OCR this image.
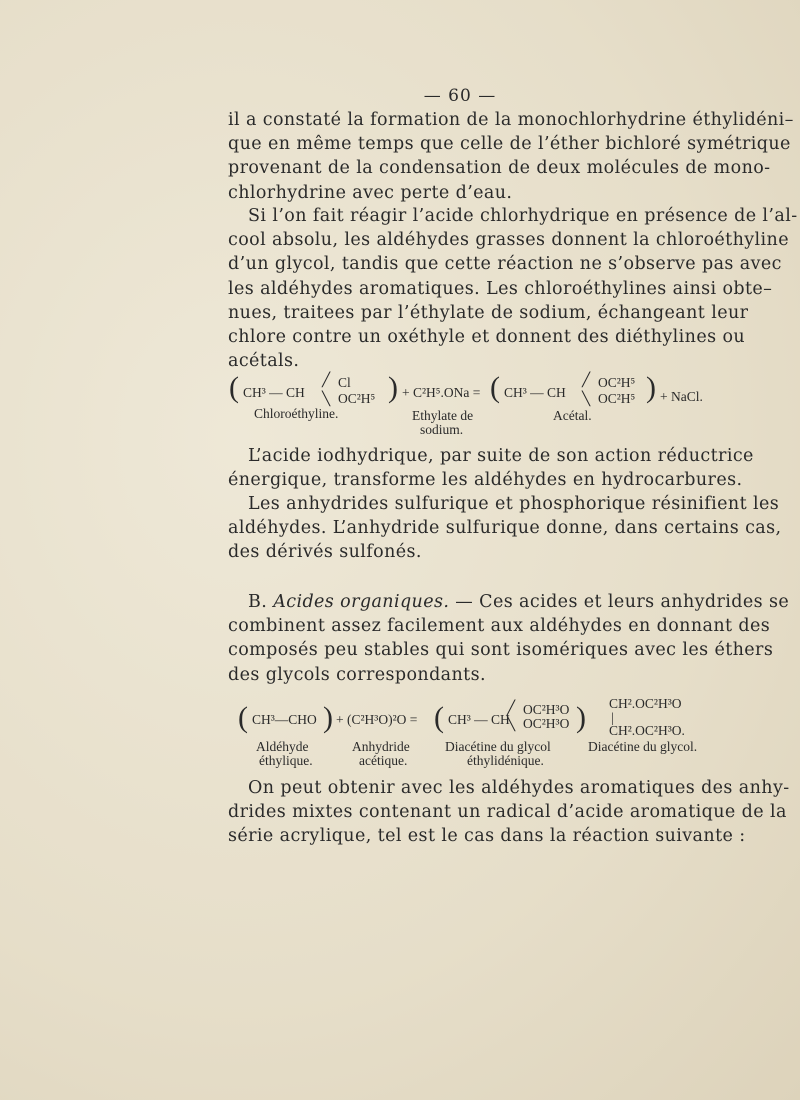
— 60 —
il a constaté la formation de la monochlorhydrine éthylidéni–
que en même temps que celle de l’éther bichloré symétrique
provenant de la condensation de deux molécules de mono-
chlorhydrine avec perte d’eau.
Si l’on fait réagir l’acide chlorhydrique en présence de l’al-
cool absolu, les aldéhydes grasses donnent la chloroéthyline
d’un glycol, tandis que cette réaction ne s’observe pas avec
les aldéhydes aromatiques. Les chloroéthylines ainsi obte–
nues, traitees par l’éthylate de sodium, échangeant leur
chlore contre un oxéthyle et donnent des diéthylines ou
acétals.
( CH³ — CH
╱ Cl
╲ OC²H⁵ ) + C²H⁵.ONa = ( CH³ — CH
╱ OC²H⁵
╲ OC²H⁵ ) + NaCl.
Chloroéthyline.	Ethylate de
sodium.
Acétal.
L’acide iodhydrique, par suite de son action réductrice
énergique, transforme les aldéhydes en hydrocarbures.
Les anhydrides sulfurique et phosphorique résinifient les
aldéhydes. L’anhydride sulfurique donne, dans certains cas,
des dérivés sulfonés.
B. Acides organiques. — Ces acides et leurs anhydrides se
combinent assez facilement aux aldéhydes en donnant des
composés peu stables qui sont isomériques avec les éthers
des glycols correspondants.
( CH³—CHO ) + (C²H³O)²O = ( CH³ — CH
╱ OC²H³O
╲ OC²H³O ) CH².OC²H³O
|
CH².OC²H³O.
Aldéhyde
éthylique.
Anhydride
acétique.
Diacétine du glycol
éthylidénique.
Diacétine du glycol.
On peut obtenir avec les aldéhydes aromatiques des anhy-
drides mixtes contenant un radical d’acide aromatique de la
série acrylique, tel est le cas dans la réaction suivante :
